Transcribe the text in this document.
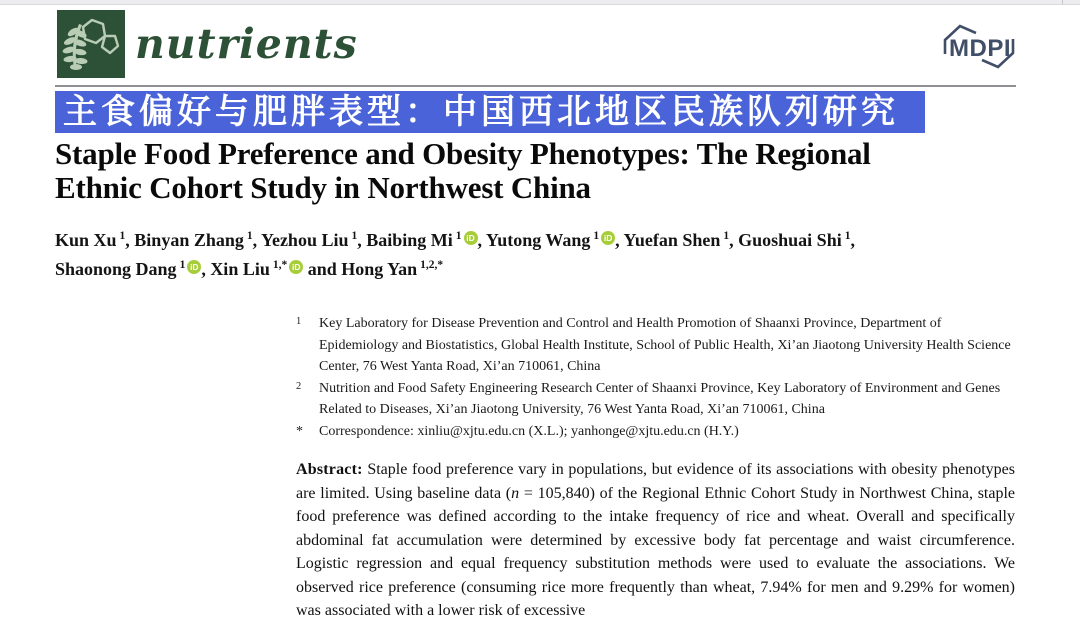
nutrients	MDPI
主食偏好与肥胖表型：中国西北地区民族队列研究
Staple Food Preference and Obesity Phenotypes: The Regional
Ethnic Cohort Study in Northwest China
Kun Xu $^1$, Binyan Zhang $^1$, Yezhou Liu $^1$, Baibing Mi $^1$ iD , Yutong Wang $^1$ iD , Yuefan Shen $^1$, Guoshuai Shi $^1$,
Shaonong Dang $^1$ iD , Xin Liu $^{1,*}$ iD and Hong Yan $^{1,2,*}$
1	Key Laboratory for Disease Prevention and Control and Health Promotion of Shaanxi Province, Department of Epidemiology and Biostatistics, Global Health Institute, School of Public Health, Xi’an Jiaotong University Health Science Center, 76 West Yanta Road, Xi’an 710061, China
2	Nutrition and Food Safety Engineering Research Center of Shaanxi Province, Key Laboratory of Environment and Genes Related to Diseases, Xi’an Jiaotong University, 76 West Yanta Road, Xi’an 710061, China
*	Correspondence: xinliu@xjtu.edu.cn (X.L.); yanhonge@xjtu.edu.cn (H.Y.)

Abstract: Staple food preference vary in populations, but evidence of its associations with obesity phenotypes are limited. Using baseline data (n = 105,840) of the Regional Ethnic Cohort Study in Northwest China, staple food preference was defined according to the intake frequency of rice and wheat. Overall and specifically abdominal fat accumulation were determined by excessive body fat percentage and waist circumference. Logistic regression and equal frequency substitution methods were used to evaluate the associations. We observed rice preference (consuming rice more frequently than wheat, 7.94% for men and 9.29% for women) was associated with a lower risk of excessive
